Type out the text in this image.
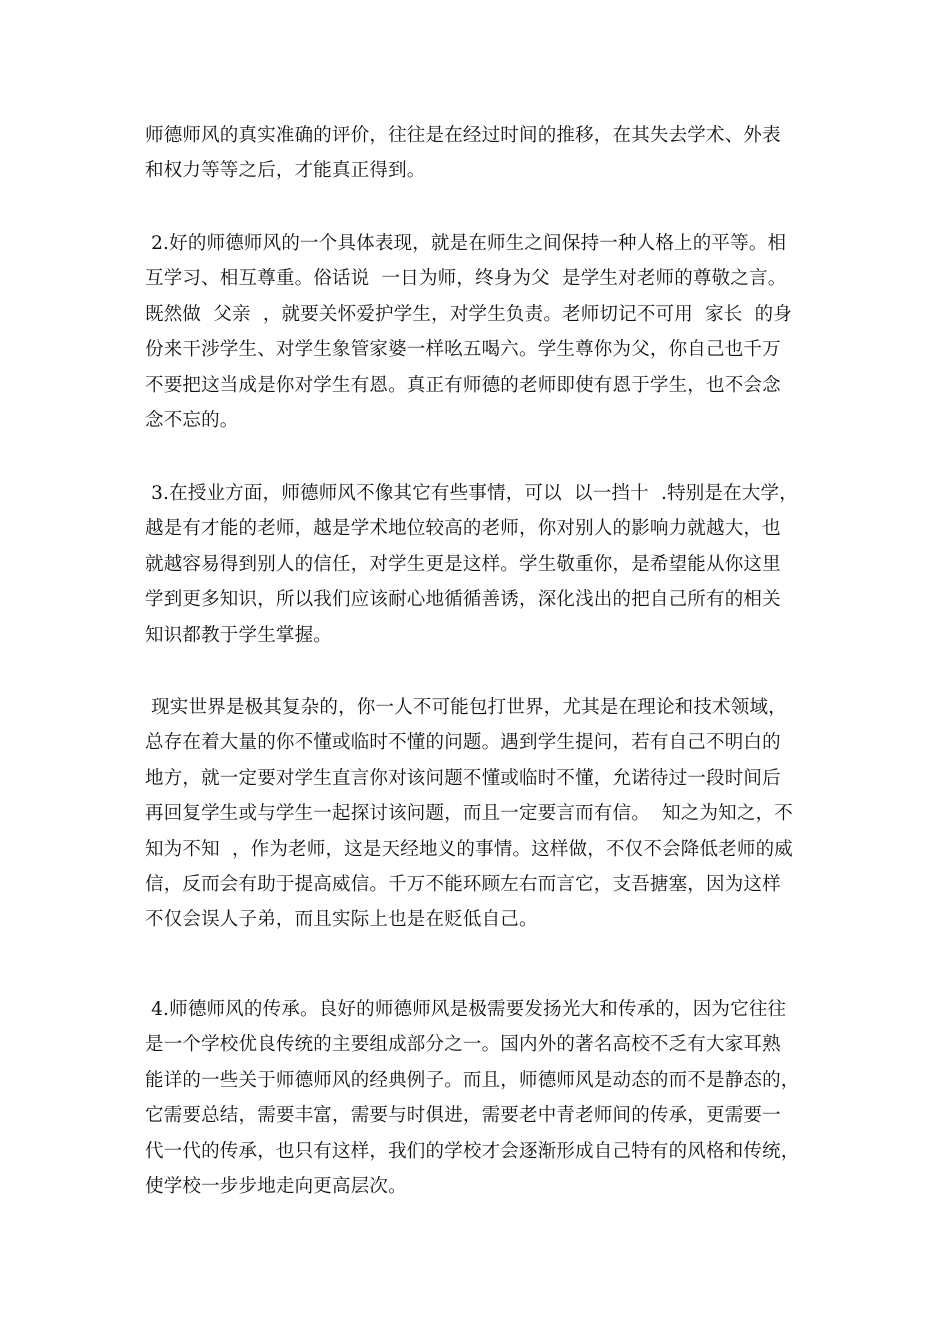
师德师风的真实准确的评价，往往是在经过时间的推移，在其失去学术、外表
和权力等等之后，才能真正得到。

2.好的师德师风的一个具体表现，就是在师生之间保持一种人格上的平等。相
互学习、相互尊重。俗话说  一日为师，终身为父  是学生对老师的尊敬之言。
既然做  父亲  ，就要关怀爱护学生，对学生负责。老师切记不可用  家长  的身
份来干涉学生、对学生象管家婆一样吆五喝六。学生尊你为父，你自己也千万
不要把这当成是你对学生有恩。真正有师德的老师即使有恩于学生，也不会念
念不忘的。

3.在授业方面，师德师风不像其它有些事情，可以  以一挡十  .特别是在大学，
越是有才能的老师，越是学术地位较高的老师，你对别人的影响力就越大，也
就越容易得到别人的信任，对学生更是这样。学生敬重你，是希望能从你这里
学到更多知识，所以我们应该耐心地循循善诱，深化浅出的把自己所有的相关
知识都教于学生掌握。

现实世界是极其复杂的，你一人不可能包打世界，尤其是在理论和技术领域，
总存在着大量的你不懂或临时不懂的问题。遇到学生提问，若有自己不明白的
地方，就一定要对学生直言你对该问题不懂或临时不懂，允诺待过一段时间后
再回复学生或与学生一起探讨该问题，而且一定要言而有信。  知之为知之，不
知为不知  ，作为老师，这是天经地义的事情。这样做，不仅不会降低老师的威
信，反而会有助于提高威信。千万不能环顾左右而言它，支吾搪塞，因为这样
不仅会误人子弟，而且实际上也是在贬低自己。

4.师德师风的传承。良好的师德师风是极需要发扬光大和传承的，因为它往往
是一个学校优良传统的主要组成部分之一。国内外的著名高校不乏有大家耳熟
能详的一些关于师德师风的经典例子。而且，师德师风是动态的而不是静态的，
它需要总结，需要丰富，需要与时俱进，需要老中青老师间的传承，更需要一
代一代的传承，也只有这样，我们的学校才会逐渐形成自己特有的风格和传统，
使学校一步步地走向更高层次。
